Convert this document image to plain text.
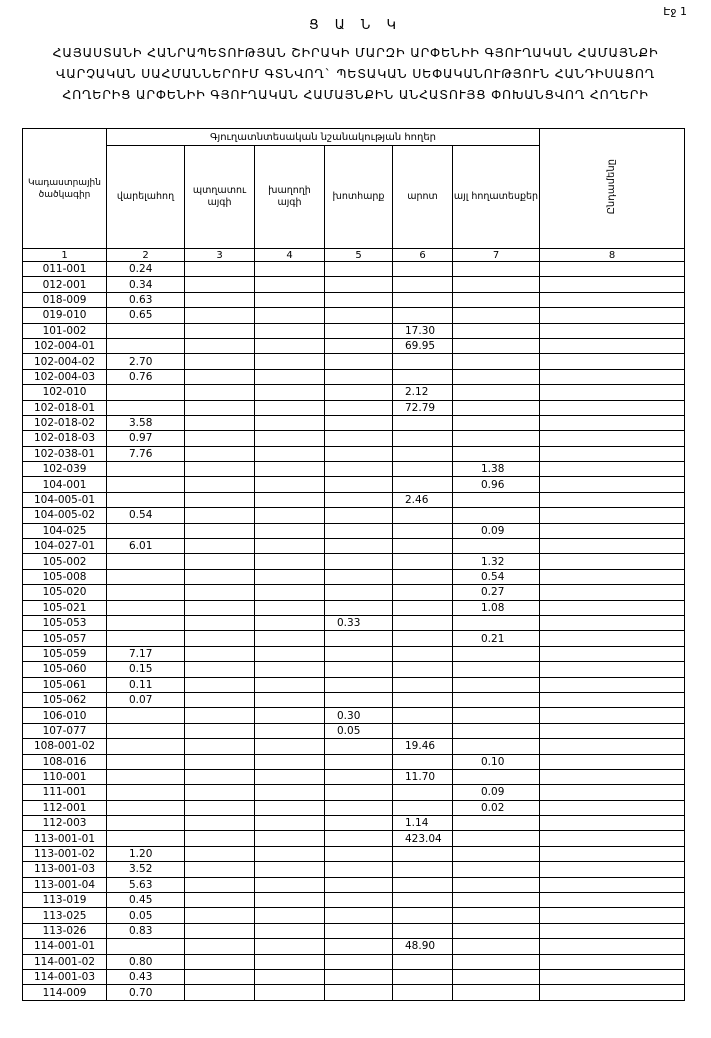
Էջ 1
Ց Ա Ն Կ
ՀԱՅԱՍՏԱՆԻ ՀԱՆՐԱՊԵՏՈՒԹՅԱՆ ՇԻՐԱԿԻ ՄԱՐԶԻ ԱՐՓԵՆԻԻ ԳՅՈՒՂԱԿԱՆ ՀԱՄԱՅՆՔԻ
ՎԱՐՉԱԿԱՆ ՍԱՀՄԱՆՆԵՐՈՒՄ ԳՏՆՎՈՂ` ՊԵՏԱԿԱՆ ՍԵՓԱԿԱՆՈՒԹՅՈՒՆ ՀԱՆԴԻՍԱՑՈՂ
ՀՈՂԵՐԻՑ ԱՐՓԵՆԻԻ ԳՅՈՒՂԱԿԱՆ ՀԱՄԱՅՆՔԻՆ ԱՆՀԱՏՈՒՅՑ ՓՈԽԱՆՑՎՈՂ ՀՈՂԵՐԻ
Կադաստրային ծածկագիր	Գյուղատնտեսական նշանակության հողեր						Ընդամենը
	վարելահող	պտղատու այգի	խաղողի այգի	խոտհարք	արոտ	այլ հողատեսքեր	
1	2	3	4	5	6	7	8
011-001	0.24						
012-001	0.34						
018-009	0.63						
019-010	0.65						
101-002					17.30		
102-004-01					69.95		
102-004-02	2.70						
102-004-03	0.76						
102-010					2.12		
102-018-01					72.79		
102-018-02	3.58						
102-018-03	0.97						
102-038-01	7.76						
102-039						1.38	
104-001						0.96	
104-005-01					2.46		
104-005-02	0.54						
104-025						0.09	
104-027-01	6.01						
105-002						1.32	
105-008						0.54	
105-020						0.27	
105-021						1.08	
105-053				0.33			
105-057						0.21	
105-059	7.17						
105-060	0.15						
105-061	0.11						
105-062	0.07						
106-010				0.30			
107-077				0.05			
108-001-02					19.46		
108-016						0.10	
110-001					11.70		
111-001						0.09	
112-001						0.02	
112-003					1.14		
113-001-01					423.04		
113-001-02	1.20						
113-001-03	3.52						
113-001-04	5.63						
113-019	0.45						
113-025	0.05						
113-026	0.83						
114-001-01					48.90		
114-001-02	0.80						
114-001-03	0.43						
114-009	0.70						
